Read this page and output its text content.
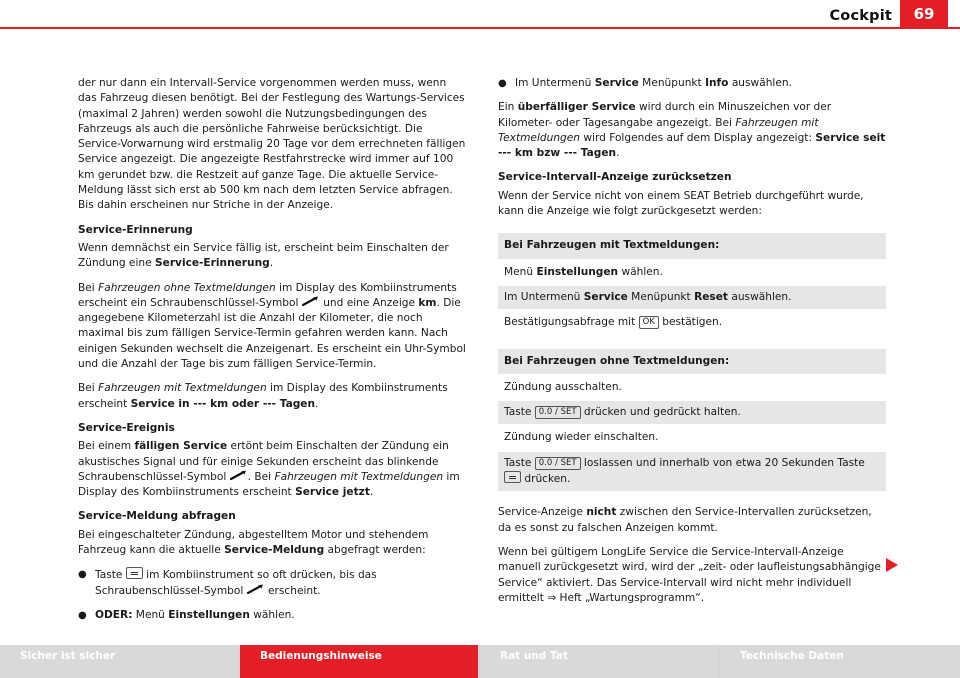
Cockpit	69
der nur dann ein Intervall-Service vorgenommen werden muss, wenn das Fahrzeug diesen benötigt. Bei der Festlegung des Wartungs-Services (maximal 2 Jahren) werden sowohl die Nutzungsbedingungen des Fahrzeugs als auch die persönliche Fahrweise berücksichtigt. Die Service-Vorwarnung wird erstmalig 20 Tage vor dem errechneten fälligen Service angezeigt. Die angezeigte Restfahrstrecke wird immer auf 100 km gerundet bzw. die Restzeit auf ganze Tage. Die aktuelle Service-Meldung lässt sich erst ab 500 km nach dem letzten Service abfragen. Bis dahin erscheinen nur Striche in der Anzeige.
Service-Erinnerung
Wenn demnächst ein Service fällig ist, erscheint beim Einschalten der Zündung eine Service-Erinnerung.
Bei Fahrzeugen ohne Textmeldungen im Display des Kombiinstruments erscheint ein Schraubenschlüssel-Symbol  und eine Anzeige km. Die angegebene Kilometerzahl ist die Anzahl der Kilometer, die noch maximal bis zum fälligen Service-Termin gefahren werden kann. Nach einigen Sekunden wechselt die Anzeigenart. Es erscheint ein Uhr-Symbol und die Anzahl der Tage bis zum fälligen Service-Termin.
Bei Fahrzeugen mit Textmeldungen im Display des Kombiinstruments erscheint Service in --- km oder --- Tagen.
Service-Ereignis
Bei einem fälligen Service ertönt beim Einschalten der Zündung ein akustisches Signal und für einige Sekunden erscheint das blinkende Schraubenschlüssel-Symbol . Bei Fahrzeugen mit Textmeldungen im Display des Kombiinstruments erscheint Service jetzt.
Service-Meldung abfragen
Bei eingeschalteter Zündung, abgestelltem Motor und stehendem Fahrzeug kann die aktuelle Service-Meldung abgefragt werden:
● Taste
im Kombiinstrument so oft drücken, bis das Schraubenschlüssel-Symbol  erscheint.
● ODER: Menü Einstellungen wählen.
● Im Untermenü Service Menüpunkt Info auswählen.
Ein überfälliger Service wird durch ein Minuszeichen vor der Kilometer- oder Tagesangabe angezeigt. Bei Fahrzeugen mit Textmeldungen wird Folgendes auf dem Display angezeigt: Service seit --- km bzw --- Tagen.
Service-Intervall-Anzeige zurücksetzen
Wenn der Service nicht von einem SEAT Betrieb durchgeführt wurde, kann die Anzeige wie folgt zurückgesetzt werden:
Bei Fahrzeugen mit Textmeldungen:
Menü Einstellungen wählen.
Im Untermenü Service Menüpunkt Reset auswählen.
Bestätigungsabfrage mit OK bestätigen.
Bei Fahrzeugen ohne Textmeldungen:
Zündung ausschalten.
Taste 0.0 / SET drücken und gedrückt halten.
Zündung wieder einschalten.
Taste 0.0 / SET loslassen und innerhalb von etwa 20 Sekunden Taste
drücken.
Service-Anzeige nicht zwischen den Service-Intervallen zurücksetzen, da es sonst zu falschen Anzeigen kommt.
Wenn bei gültigem LongLife Service die Service-Intervall-Anzeige manuell zurückgesetzt wird, wird der „zeit- oder laufleistungsabhängige Service“ aktiviert. Das Service-Intervall wird nicht mehr individuell ermittelt ⇒ Heft „Wartungsprogramm“.
Sicher ist sicher	Bedienungshinweise	Rat und Tat	Technische Daten
